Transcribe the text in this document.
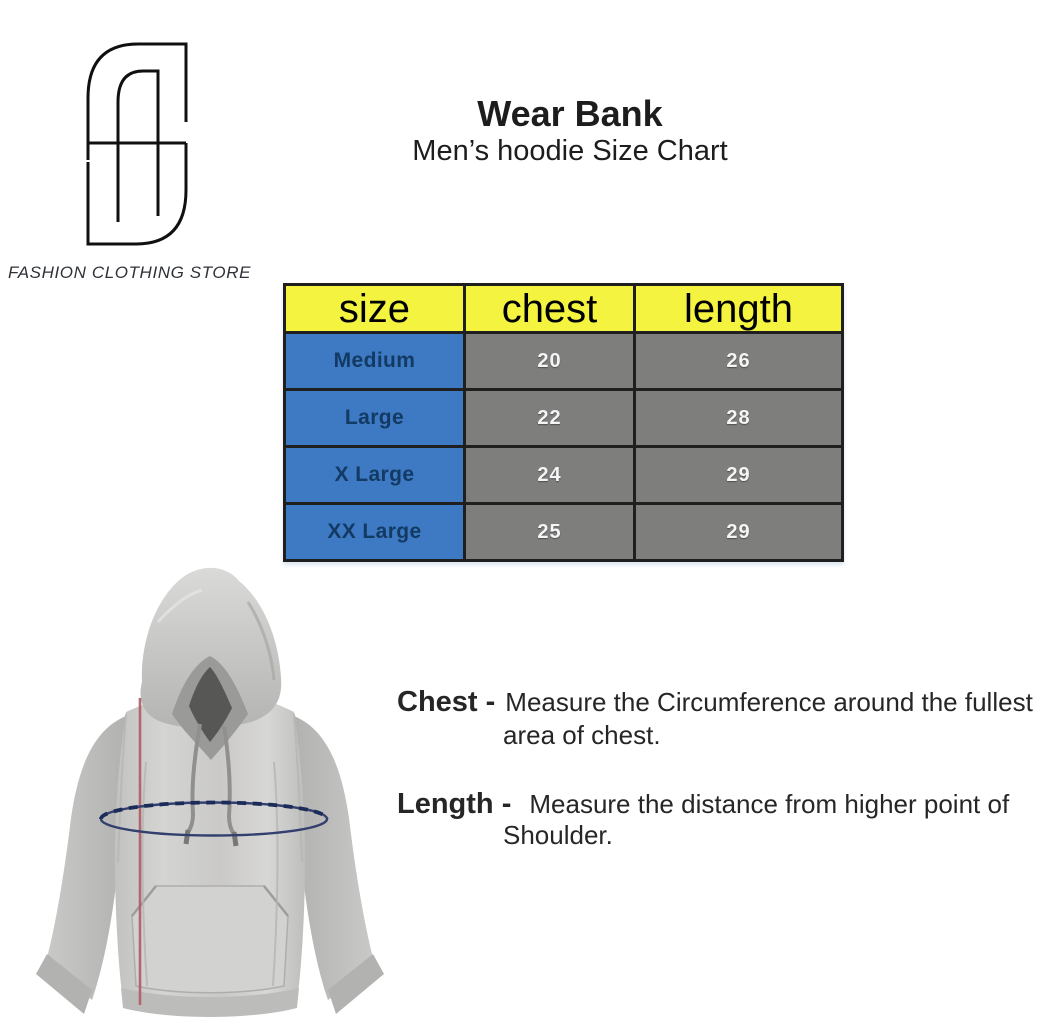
FASHION CLOTHING STORE
Wear Bank
Men’s hoodie Size Chart
size	chest	length
Medium	20	26
Large	22	28
X Large	24	29
XX Large	25	29
Chest - Measure the Circumference around the fullest
area of chest.
Length - Measure the distance from higher point of
Shoulder.
